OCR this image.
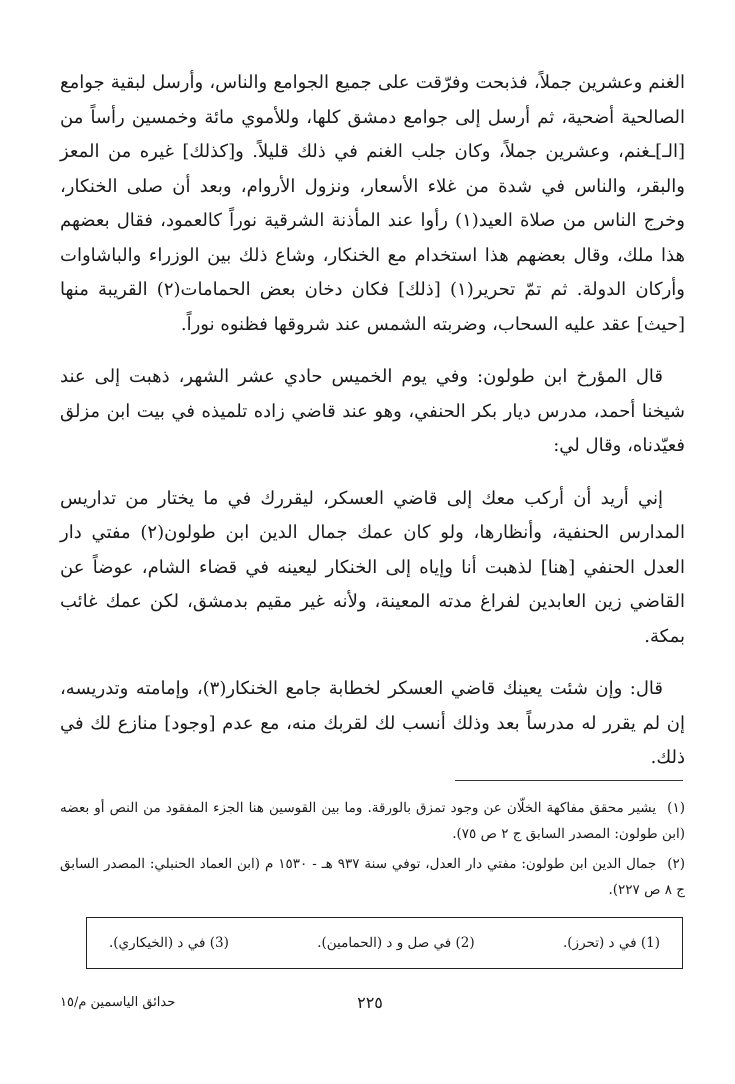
الغنم وعشرين جملاً، فذبحت وفرّقت على جميع الجوامع والناس، وأرسل لبقية جوامع الصالحية أضحية، ثم أرسل إلى جوامع دمشق كلها، وللأموي مائة وخمسين رأساً من [الـ]ـغنم، وعشرين جملاً، وكان جلب الغنم في ذلك قليلاً. و[كذلك] غيره من المعز والبقر، والناس في شدة من غلاء الأسعار، ونزول الأروام، وبعد أن صلى الخنكار، وخرج الناس من صلاة العيد(١) رأوا عند المأذنة الشرقية نوراً كالعمود، فقال بعضهم هذا ملك، وقال بعضهم هذا استخدام مع الخنكار، وشاع ذلك بين الوزراء والباشاوات وأركان الدولة. ثم تمّ تحرير(١) [ذلك] فكان دخان بعض الحمامات(٢) القريبة منها [حيث] عقد عليه السحاب، وضربته الشمس عند شروقها فظنوه نوراً.

قال المؤرخ ابن طولون: وفي يوم الخميس حادي عشر الشهر، ذهبت إلى عند شيخنا أحمد، مدرس ديار بكر الحنفي، وهو عند قاضي زاده تلميذه في بيت ابن مزلق فعيّدناه، وقال لي:

إني أريد أن أركب معك إلى قاضي العسكر، ليقررك في ما يختار من تداريس المدارس الحنفية، وأنظارها، ولو كان عمك جمال الدين ابن طولون(٢) مفتي دار العدل الحنفي [هنا] لذهبت أنا وإياه إلى الخنكار ليعينه في قضاء الشام، عوضاً عن القاضي زين العابدين لفراغ مدته المعينة، ولأنه غير مقيم بدمشق، لكن عمك غائب بمكة.

قال: وإن شئت يعينك قاضي العسكر لخطابة جامع الخنكار(٣)، وإمامته وتدريسه، إن لم يقرر له مدرساً بعد وذلك أنسب لك لقربك منه، مع عدم [وجود] منازع لك في ذلك.

(١) يشير محقق مفاكهة الخلّان عن وجود تمزق بالورقة. وما بين القوسين هنا الجزء المفقود من النص أو بعضه (ابن طولون: المصدر السابق ج ٢ ص ٧٥).

(٢) جمال الدين ابن طولون: مفتي دار العدل، توفي سنة ٩٣٧ هـ - ١٥٣٠ م (ابن العماد الحنبلي: المصدر السابق ج ٨ ص ٢٢٧).

(1) في د (تحرز).
(2) في صل و د (الحمامين).
(3) في د (الخيكاري).
٢٢٥
حدائق الياسمين م/١٥
